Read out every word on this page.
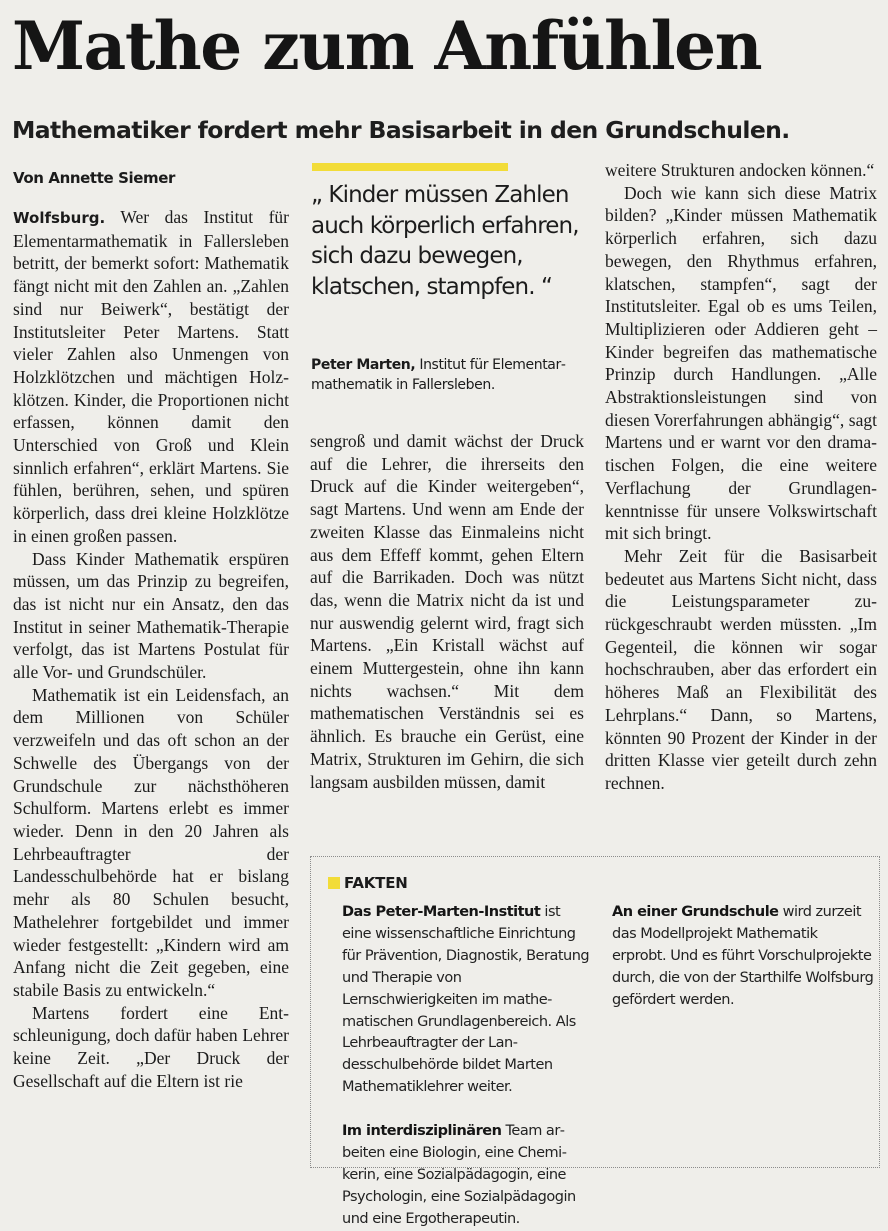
Mathe zum Anfühlen
Mathematiker fordert mehr Basisarbeit in den Grundschulen.
Von Annette Siemer

Wolfsburg. Wer das Institut für Elementarmathematik in Fallersleben betritt, der bemerkt sofort: Mathematik fängt nicht mit den Zahlen an. „Zahlen sind nur Beiwerk“, bestätigt der Institutsleiter Peter Martens. Statt vieler Zahlen also Unmengen von Holzklötzchen und mächtigen Holzklötzen. Kinder, die Proportionen nicht erfassen, können damit den Unterschied von Groß und Klein sinnlich erfahren“, erklärt Martens. Sie fühlen, berühren, sehen, und spüren körperlich, dass drei kleine Holzklötze in einen großen passen.

Dass Kinder Mathematik erspüren müssen, um das Prinzip zu begreifen, das ist nicht nur ein Ansatz, den das Institut in seiner Mathematik-Therapie verfolgt, das ist Martens Postulat für alle Vor- und Grundschüler.

Mathematik ist ein Leidensfach, an dem Millionen von Schüler verzweifeln und das oft schon an der Schwelle des Übergangs von der Grundschule zur nächsthöheren Schulform. Martens erlebt es immer wieder. Denn in den 20 Jahren als Lehrbeauftragter der Landesschulbehörde hat er bislang mehr als 80 Schulen besucht, Mathelehrer fortgebildet und immer wieder festgestellt: „Kindern wird am Anfang nicht die Zeit gegeben, eine stabile Basis zu entwickeln.“

Martens fordert eine Entschleunigung, doch dafür haben Lehrer keine Zeit. „Der Druck der Gesellschaft auf die Eltern ist rie

„ Kinder müssen Zahlen auch körperlich erfahren, sich dazu bewegen, klatschen, stampfen. “

Peter Marten, Institut für Elementarmathematik in Fallersleben.

sengroß und damit wächst der Druck auf die Lehrer, die ihrerseits den Druck auf die Kinder weitergeben“, sagt Martens. Und wenn am Ende der zweiten Klasse das Einmaleins nicht aus dem Effeff kommt, gehen Eltern auf die Barrikaden. Doch was nützt das, wenn die Matrix nicht da ist und nur auswendig gelernt wird, fragt sich Martens. „Ein Kristall wächst auf einem Muttergestein, ohne ihn kann nichts wachsen.“ Mit dem mathematischen Verständnis sei es ähnlich. Es brauche ein Gerüst, eine Matrix, Strukturen im Gehirn, die sich langsam ausbilden müssen, damit

weitere Strukturen andocken können.“

Doch wie kann sich diese Matrix bilden? „Kinder müssen Mathematik körperlich erfahren, sich dazu bewegen, den Rhythmus erfahren, klatschen, stampfen“, sagt der Institutsleiter. Egal ob es ums Teilen, Multiplizieren oder Addieren geht – Kinder begreifen das mathematische Prinzip durch Handlungen. „Alle Abstraktionsleistungen sind von diesen Vorerfahrungen abhängig“, sagt Martens und er warnt vor den dramatischen Folgen, die eine weitere Verflachung der Grundlagenkenntnisse für unsere Volkswirtschaft mit sich bringt.

Mehr Zeit für die Basisarbeit bedeutet aus Martens Sicht nicht, dass die Leistungsparameter zurückgeschraubt werden müssten. „Im Gegenteil, die können wir sogar hochschrauben, aber das erfordert ein höheres Maß an Flexibilität des Lehrplans.“ Dann, so Martens, könnten 90 Prozent der Kinder in der dritten Klasse vier geteilt durch zehn rechnen.

FAKTEN

Das Peter-Marten-Institut ist eine wissenschaftliche Einrichtung für Prävention, Diagnostik, Beratung und Therapie von Lernschwierigkeiten im mathematischen Grundlagenbereich. Als Lehrbeauftragter der Landesschulbehörde bildet Marten Mathematiklehrer weiter.

Im interdisziplinären Team arbeiten eine Biologin, eine Chemikerin, eine Sozialpädagogin, eine Psychologin, eine Sozialpädagogin und eine Ergotherapeutin.

An einer Grundschule wird zurzeit das Modellprojekt Mathematik erprobt. Und es führt Vorschulprojekte durch, die von der Starthilfe Wolfsburg gefördert werden.
